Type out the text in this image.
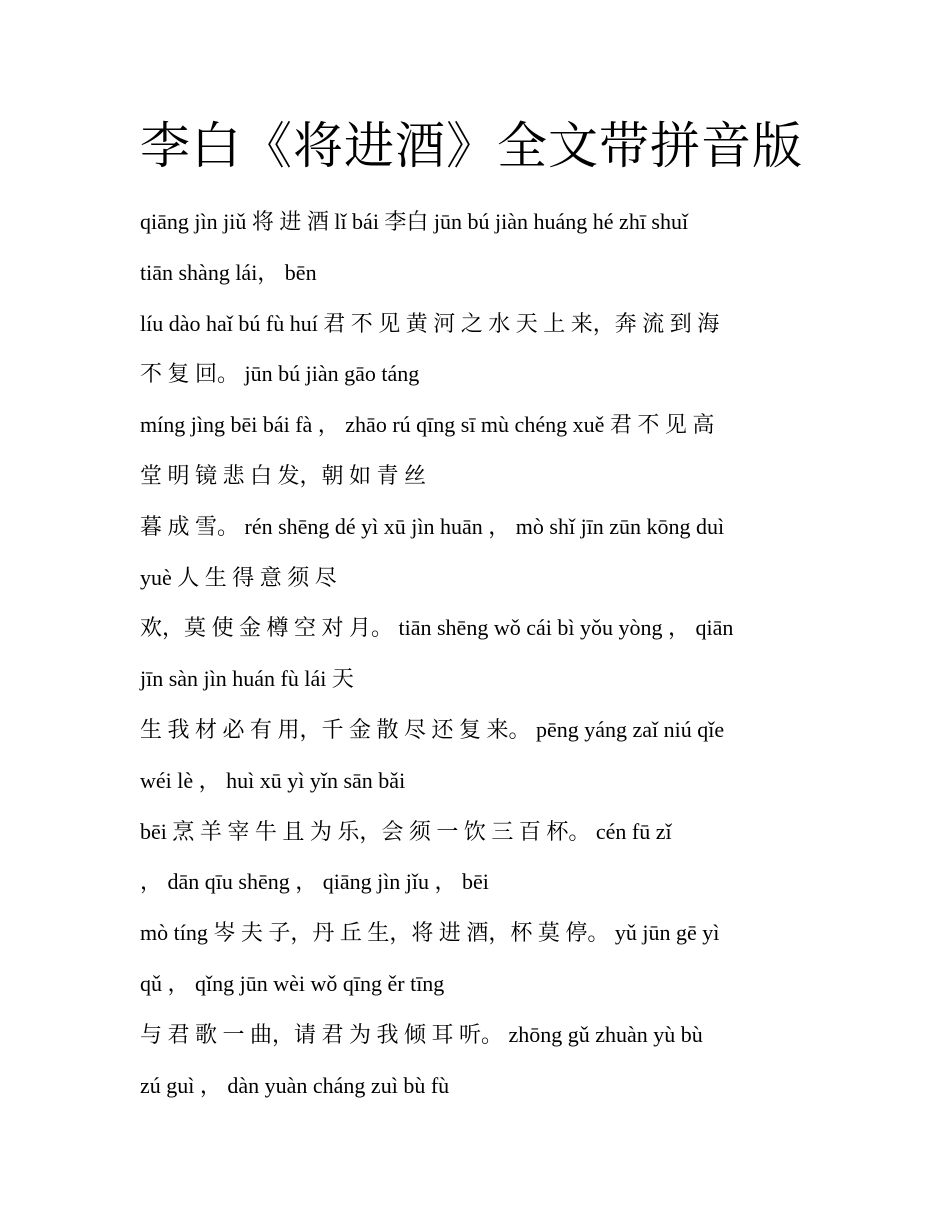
李白《将进酒》全文带拼音版
qiāng jìn jiǔ 将 进 酒 lǐ bái 李白 jūn bú jiàn huáng hé zhī shuǐ
tiān shàng lái， bēn
líu dào haǐ bú fù huí 君 不 见 黄 河 之 水 天 上 来，奔 流 到 海
不 复 回。 jūn bú jiàn gāo táng
míng jìng bēi bái fà ， zhāo rú qīng sī mù chéng xuě 君 不 见 高
堂 明 镜 悲 白 发，朝 如 青 丝
暮 成 雪。 rén shēng dé yì xū jìn huān ， mò shǐ jīn zūn kōng duì
yuè 人 生 得 意 须 尽
欢，莫 使 金 樽 空 对 月。 tiān shēng wǒ cái bì yǒu yòng ， qiān
jīn sàn jìn huán fù lái 天
生 我 材 必 有 用，千 金 散 尽 还 复 来。 pēng yáng zaǐ niú qǐe
wéi lè ， huì xū yì yǐn sān bǎi
bēi 烹 羊 宰 牛 且 为 乐，会 须 一 饮 三 百 杯。 cén fū zǐ
， dān qīu shēng ， qiāng jìn jǐu ， bēi
mò tíng 岑 夫 子，丹 丘 生，将 进 酒，杯 莫 停。 yǔ jūn gē yì
qǔ ， qǐng jūn wèi wǒ qīng ěr tīng
与 君 歌 一 曲，请 君 为 我 倾 耳 听。 zhōng gǔ zhuàn yù bù
zú guì ， dàn yuàn cháng zuì bù fù
